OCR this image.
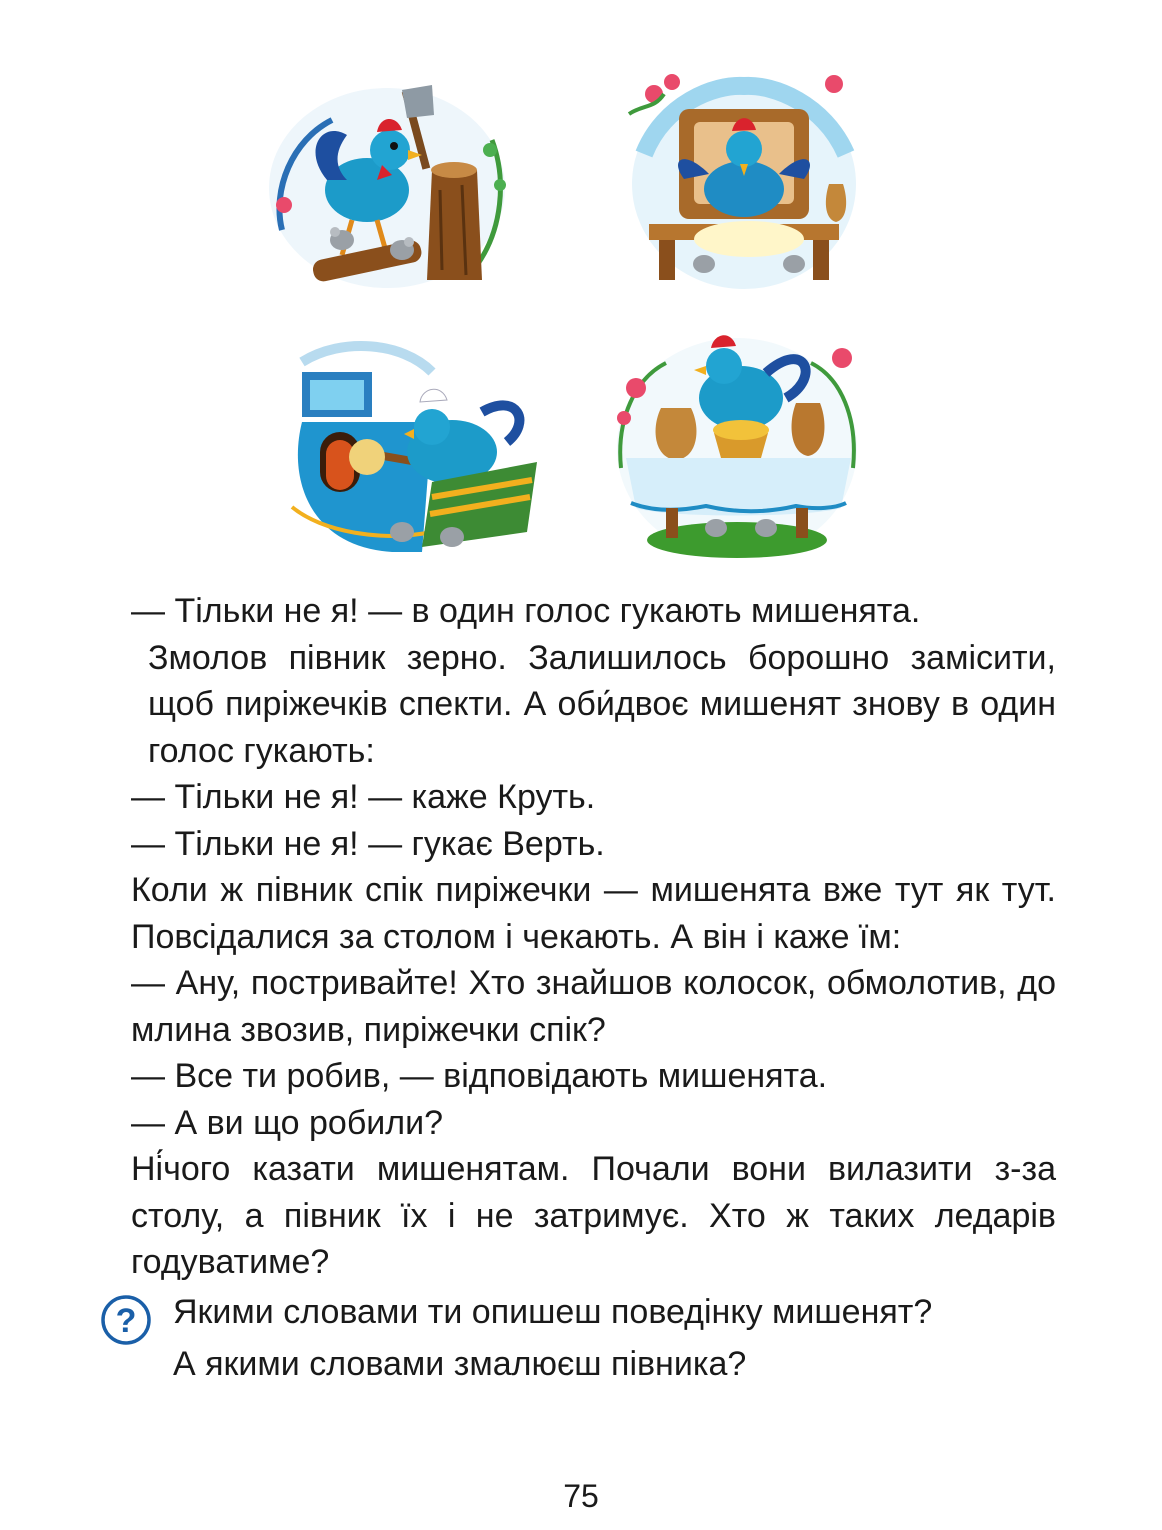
— Тільки не я! — в один голос гукають мишенята.

Змолов півник зерно. Залишилось борошно замісити, щоб пиріжечків спекти. А оби́двоє мишенят знову в один голос гукають:

— Тільки не я! — каже Круть.

— Тільки не я! — гукає Верть.

Коли ж півник спік пиріжечки — мишенята вже тут як тут. Повсідалися за столом і чекають. А він і каже їм:

— Ану, постривайте! Хто знайшов колосок, обмолотив, до млина звозив, пиріжечки спік?

— Все ти робив, — відповідають мишенята.

— А ви що робили?

Ні́чого казати мишенятам. Почали вони вилазити з-за столу, а півник їх і не затримує. Хто ж таких ледарів годуватиме?

? Якими словами ти опишеш поведінку мишенят?

А якими словами змалюєш півника?

75
